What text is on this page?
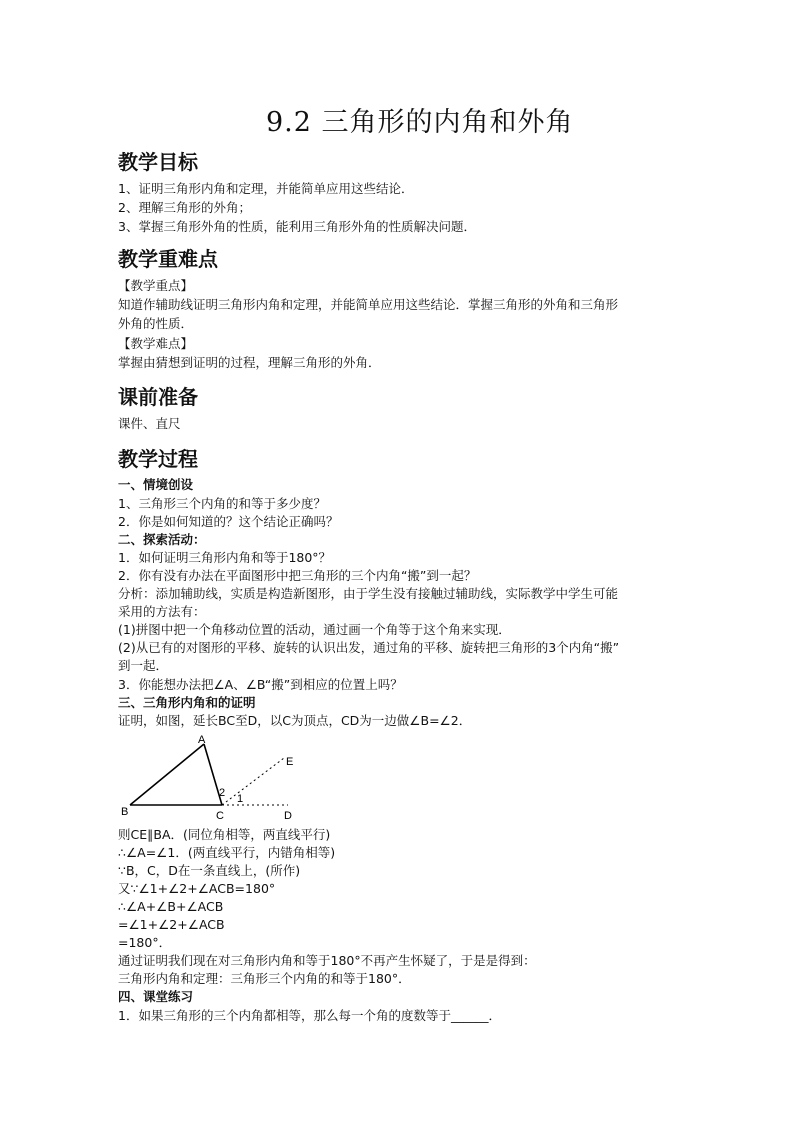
9.2 三角形的内角和外角
教学目标
1、证明三角形内角和定理，并能简单应用这些结论．
2、理解三角形的外角；
3、掌握三角形外角的性质，能利用三角形外角的性质解决问题．
教学重难点
【教学重点】
知道作辅助线证明三角形内角和定理，并能简单应用这些结论．掌握三角形的外角和三角形
外角的性质．
【教学难点】
掌握由猜想到证明的过程，理解三角形的外角．
课前准备
课件、直尺
教学过程
一、情境创设
1、三角形三个内角的和等于多少度？
2．你是如何知道的？这个结论正确吗？
二、探索活动：
1．如何证明三角形内角和等于180°？
2．你有没有办法在平面图形中把三角形的三个内角“搬”到一起？
分析：添加辅助线，实质是构造新图形，由于学生没有接触过辅助线，实际教学中学生可能
采用的方法有：
(1)拼图中把一个角移动位置的活动，通过画一个角等于这个角来实现．
(2)从已有的对图形的平移、旋转的认识出发，通过角的平移、旋转把三角形的3个内角“搬”
到一起．
3．你能想办法把∠A、∠B“搬”到相应的位置上吗？
三、三角形内角和的证明
证明，如图，延长BC至D，以C为顶点，CD为一边做∠B=∠2．
A
B	C	D
E
2 1
则CE∥BA．(同位角相等，两直线平行)
∴∠A=∠1．(两直线平行，内错角相等)
∵B，C，D在一条直线上，(所作)
又∵∠1+∠2+∠ACB=180°
∴∠A+∠B+∠ACB
=∠1+∠2+∠ACB
=180°．
通过证明我们现在对三角形内角和等于180°不再产生怀疑了，于是是得到：
三角形内角和定理：三角形三个内角的和等于180°．
四、课堂练习
1．如果三角形的三个内角都相等，那么每一个角的度数等于______．
